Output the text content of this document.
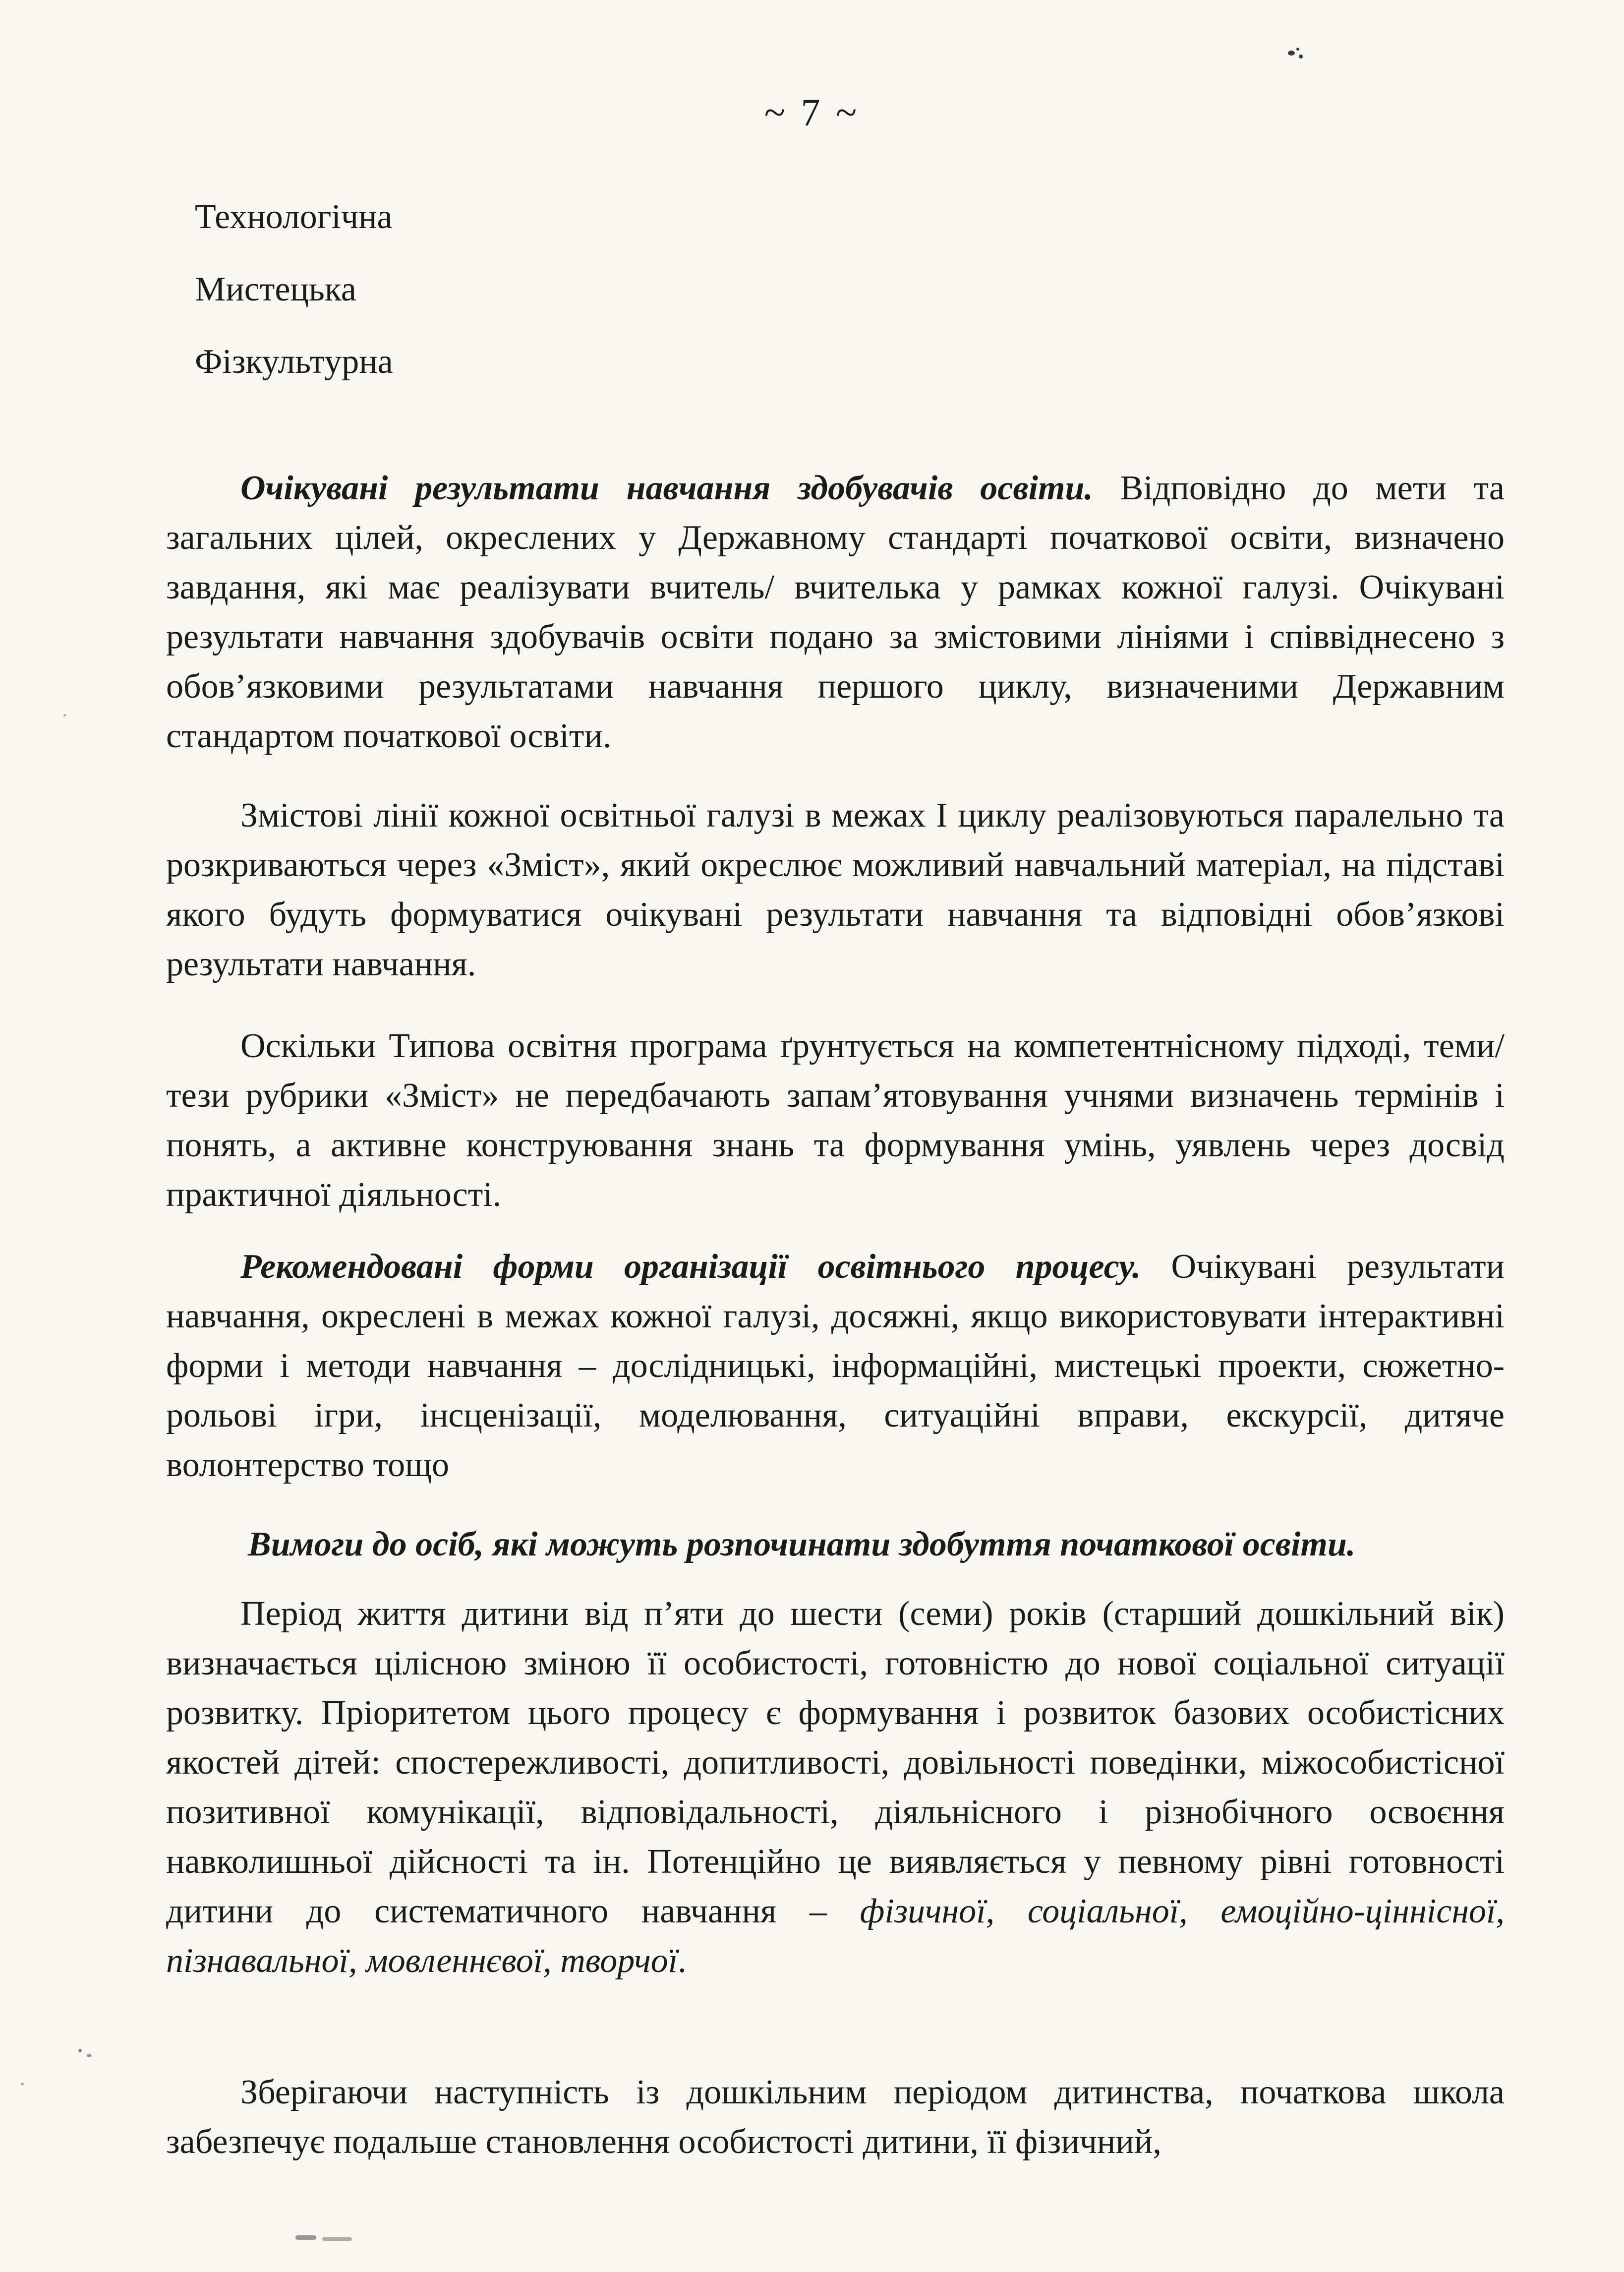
~ 7 ~
Технологічна
Мистецька
Фізкультурна
Очікувані результати навчання здобувачів освіти. Відповідно до мети та загальних цілей, окреслених у Державному стандарті початкової освіти, визначено завдання, які має реалізувати вчитель/ вчителька у рамках кожної галузі. Очікувані результати навчання здобувачів освіти подано за змістовими лініями і співвіднесено з обов’язковими результатами навчання першого циклу, визначеними Державним стандартом початкової освіти.
Змістові лінії кожної освітньої галузі в межах І циклу реалізовуються паралельно та розкриваються через «Зміст», який окреслює можливий навчальний матеріал, на підставі якого будуть формуватися очікувані результати навчання та відповідні обов’язкові результати навчання.
Оскільки Типова освітня програма ґрунтується на компетентнісному підході, теми/ тези рубрики «Зміст» не передбачають запам’ятовування учнями визначень термінів і понять, а активне конструювання знань та формування умінь, уявлень через досвід практичної діяльності.
Рекомендовані форми організації освітнього процесу. Очікувані результати навчання, окреслені в межах кожної галузі, досяжні, якщо використовувати інтерактивні форми і методи навчання – дослідницькі, інформаційні, мистецькі проекти, сюжетно-рольові ігри, інсценізації, моделювання, ситуаційні вправи, екскурсії, дитяче волонтерство тощо
Вимоги до осіб, які можуть розпочинати здобуття початкової освіти.
Період життя дитини від п’яти до шести (семи) років (старший дошкільний вік) визначається цілісною зміною її особистості, готовністю до нової соціальної ситуації розвитку. Пріоритетом цього процесу є формування і розвиток базових особистісних якостей дітей: спостережливості, допитливості, довільності поведінки, міжособистісної позитивної комунікації, відповідальності, діяльнісного і різнобічного освоєння навколишньої дійсності та ін. Потенційно це виявляється у певному рівні готовності дитини до систематичного навчання – фізичної, соціальної, емоційно-ціннісної, пізнавальної, мовленнєвої, творчої.
Зберігаючи наступність із дошкільним періодом дитинства, початкова школа забезпечує подальше становлення особистості дитини, її фізичний,
